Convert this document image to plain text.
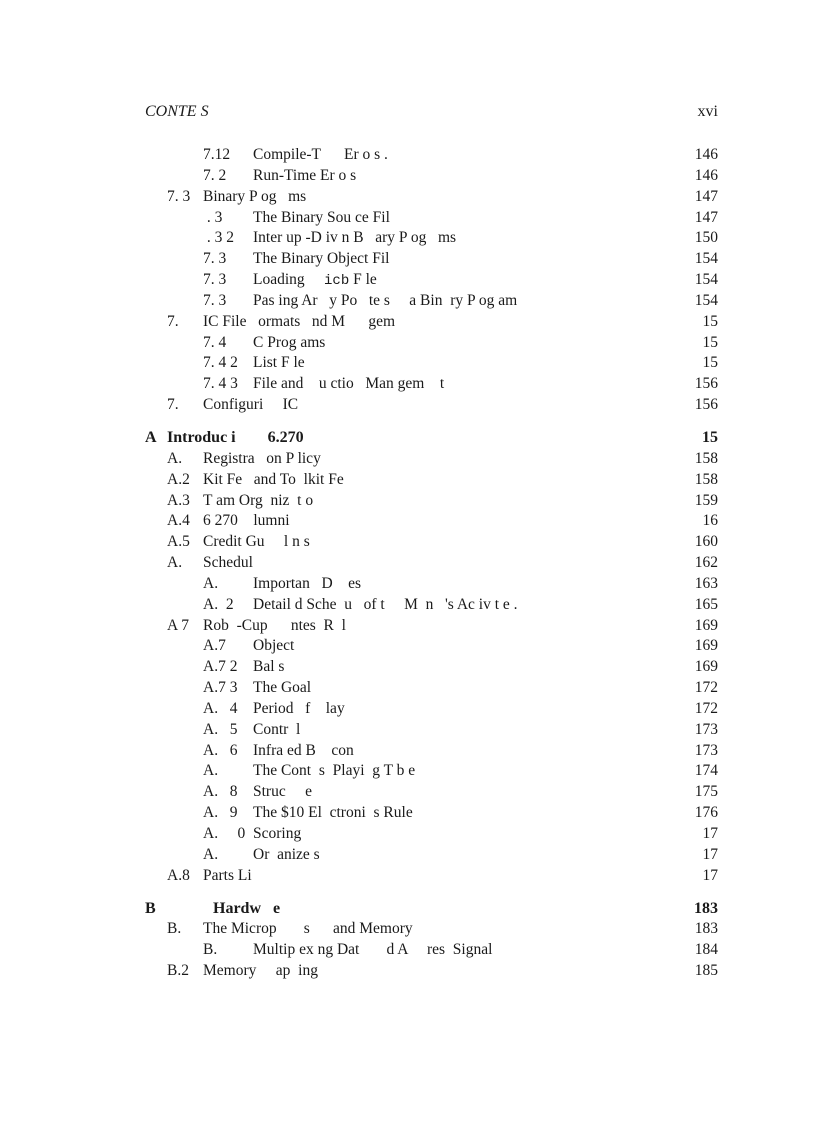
CONTE S	xvi
7.12 Compile-T      Er o s .	146
7. 2 Run-Time Er o s	146
7. 3 Binary P og   ms	147
. 3 The Binary Sou ce Fil	147
. 3 2 Inter up -D iv n B   ary P og   ms	150
7. 3 The Binary Object Fil	154
7. 3 Loading     icb F le	154
7. 3 Pas ing Ar   y Po   te s     a Bin  ry P og am	154
7. IC File   ormats   nd M      gem	15
7. 4 C Prog ams	15
7. 4 2 List F le	15
7. 4 3 File and    u ctio   Man gem    t	156
7. Configuri     IC	156
A Introduc i        6.270	15
A. Registra   on P licy	158
A.2 Kit Fe   and To  lkit Fe	158
A.3 T am Org  niz  t o	159
A.4 6 270    lumni	16
A.5 Credit Gu     l n s	160
A. Schedul	162
A. Importan   D    es	163
A.  2 Detail d Sche  u   of t     M  n   's Ac iv t e .	165
A 7 Rob  -Cup      ntes  R  l	169
A.7 Object	169
A.7 2 Bal s	169
A.7 3 The Goal	172
A.   4 Period   f    lay	172
A.   5 Contr  l	173
A.   6 Infra ed B    con	173
A. The Cont  s  Playi  g T b e	174
A.   8 Struc     e	175
A.   9 The $10 El  ctroni  s Rule	176
A.     0 Scoring	17
A. Or  anize s	17
A.8 Parts Li	17
B	Hardw   e	183
B. The Microp       s      and Memory	183
B. Multip ex ng Dat       d A     res  Signal	184
B.2 Memory     ap  ing	185
